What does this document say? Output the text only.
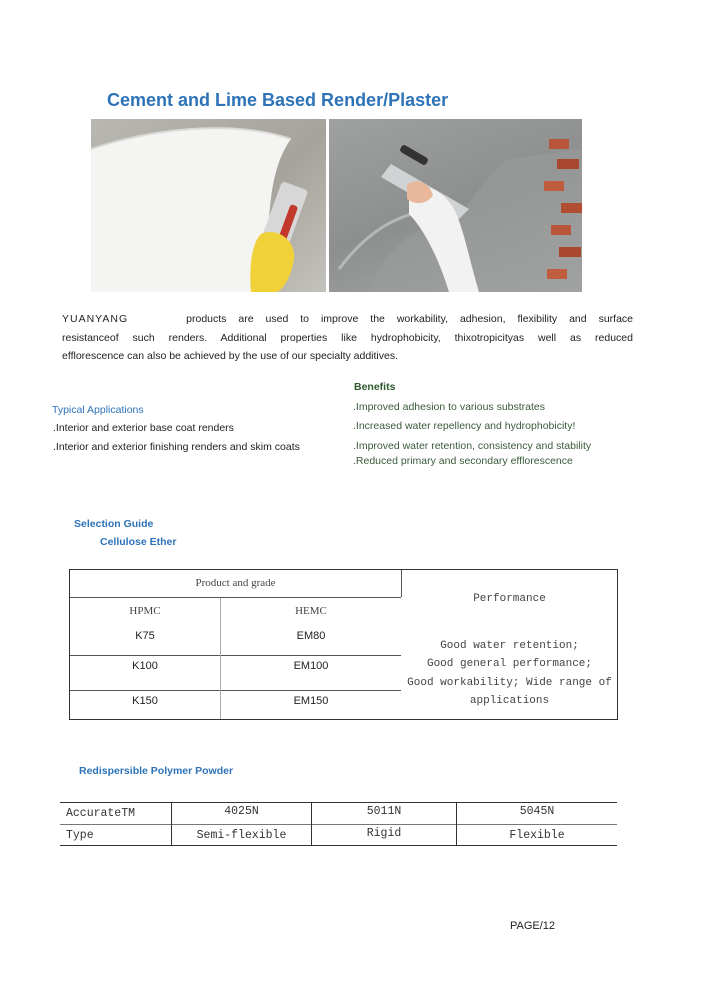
Cement and Lime Based Render/Plaster
YUANYANG	products are used to improve the workability, adhesion, flexibility and surface
resistanceof such renders. Additional properties like hydrophobicity, thixotropicityas well as reduced
efflorescence can also be achieved by the use of our specialty additives.
Typical Applications
.Interior and exterior base coat renders
.Interior and exterior finishing renders and skim coats
Benefits
.Improved adhesion to various substrates
.Increased water repellency and hydrophobicity!
.Improved water retention, consistency and stability
.Reduced primary and secondary efflorescence
Selection Guide
Cellulose Ether
Product and grade
HPMC	HEMC
Performance
K75	EM80
K100	EM100
K150	EM150
Good water retention;
Good general performance;
Good workability; Wide range of
applications
Redispersible Polymer Powder
AccurateTM	4025N	5011N	5045N
Type	Semi-flexible	Rigid	Flexible
PAGE/12
